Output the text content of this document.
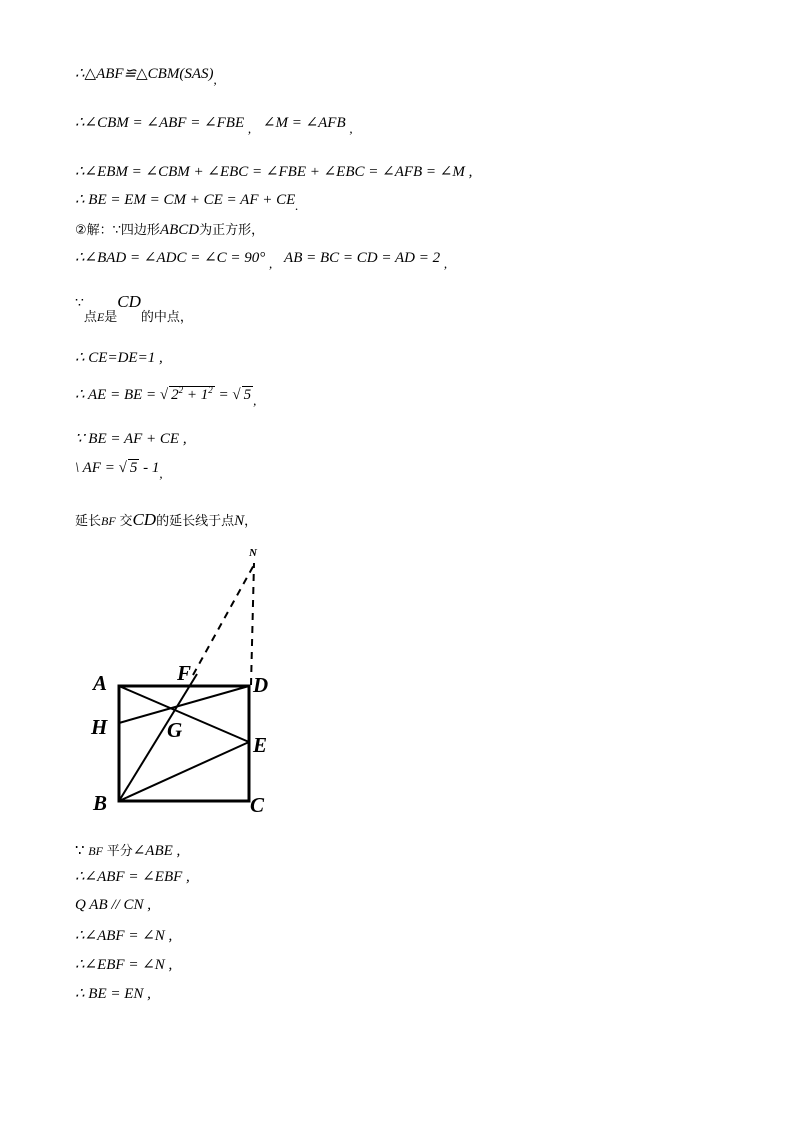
∴△ABF≌△CBM(SAS),
∴∠CBM = ∠ABF = ∠FBE , ∠M = ∠AFB ,
∴∠EBM = ∠CBM + ∠EBC = ∠FBE + ∠EBC = ∠AFB = ∠M ,
∴ BE = EM = CM + CE = AF + CE.
②解：∵四边形ABCD为正方形，
∴∠BAD = ∠ADC = ∠C = 90° , AB = BC = CD = AD = 2 ,
∵点$_E$是CD的中点，
∴ CE=DE=1 ,
∴ AE = BE = √ $2^2 + 1^2$ = √ 5 ,
∵ BE = AF + CE ,
\ AF = √ 5 - 1,
延长BF 交CD的延长线于点N，
N
A	F	D
H	G
E
B	C
∵ BF 平分∠ABE ,
∴∠ABF = ∠EBF ,
Q AB // CN ,
∴∠ABF = ∠N ,
∴∠EBF = ∠N ,
∴ BE = EN ,
